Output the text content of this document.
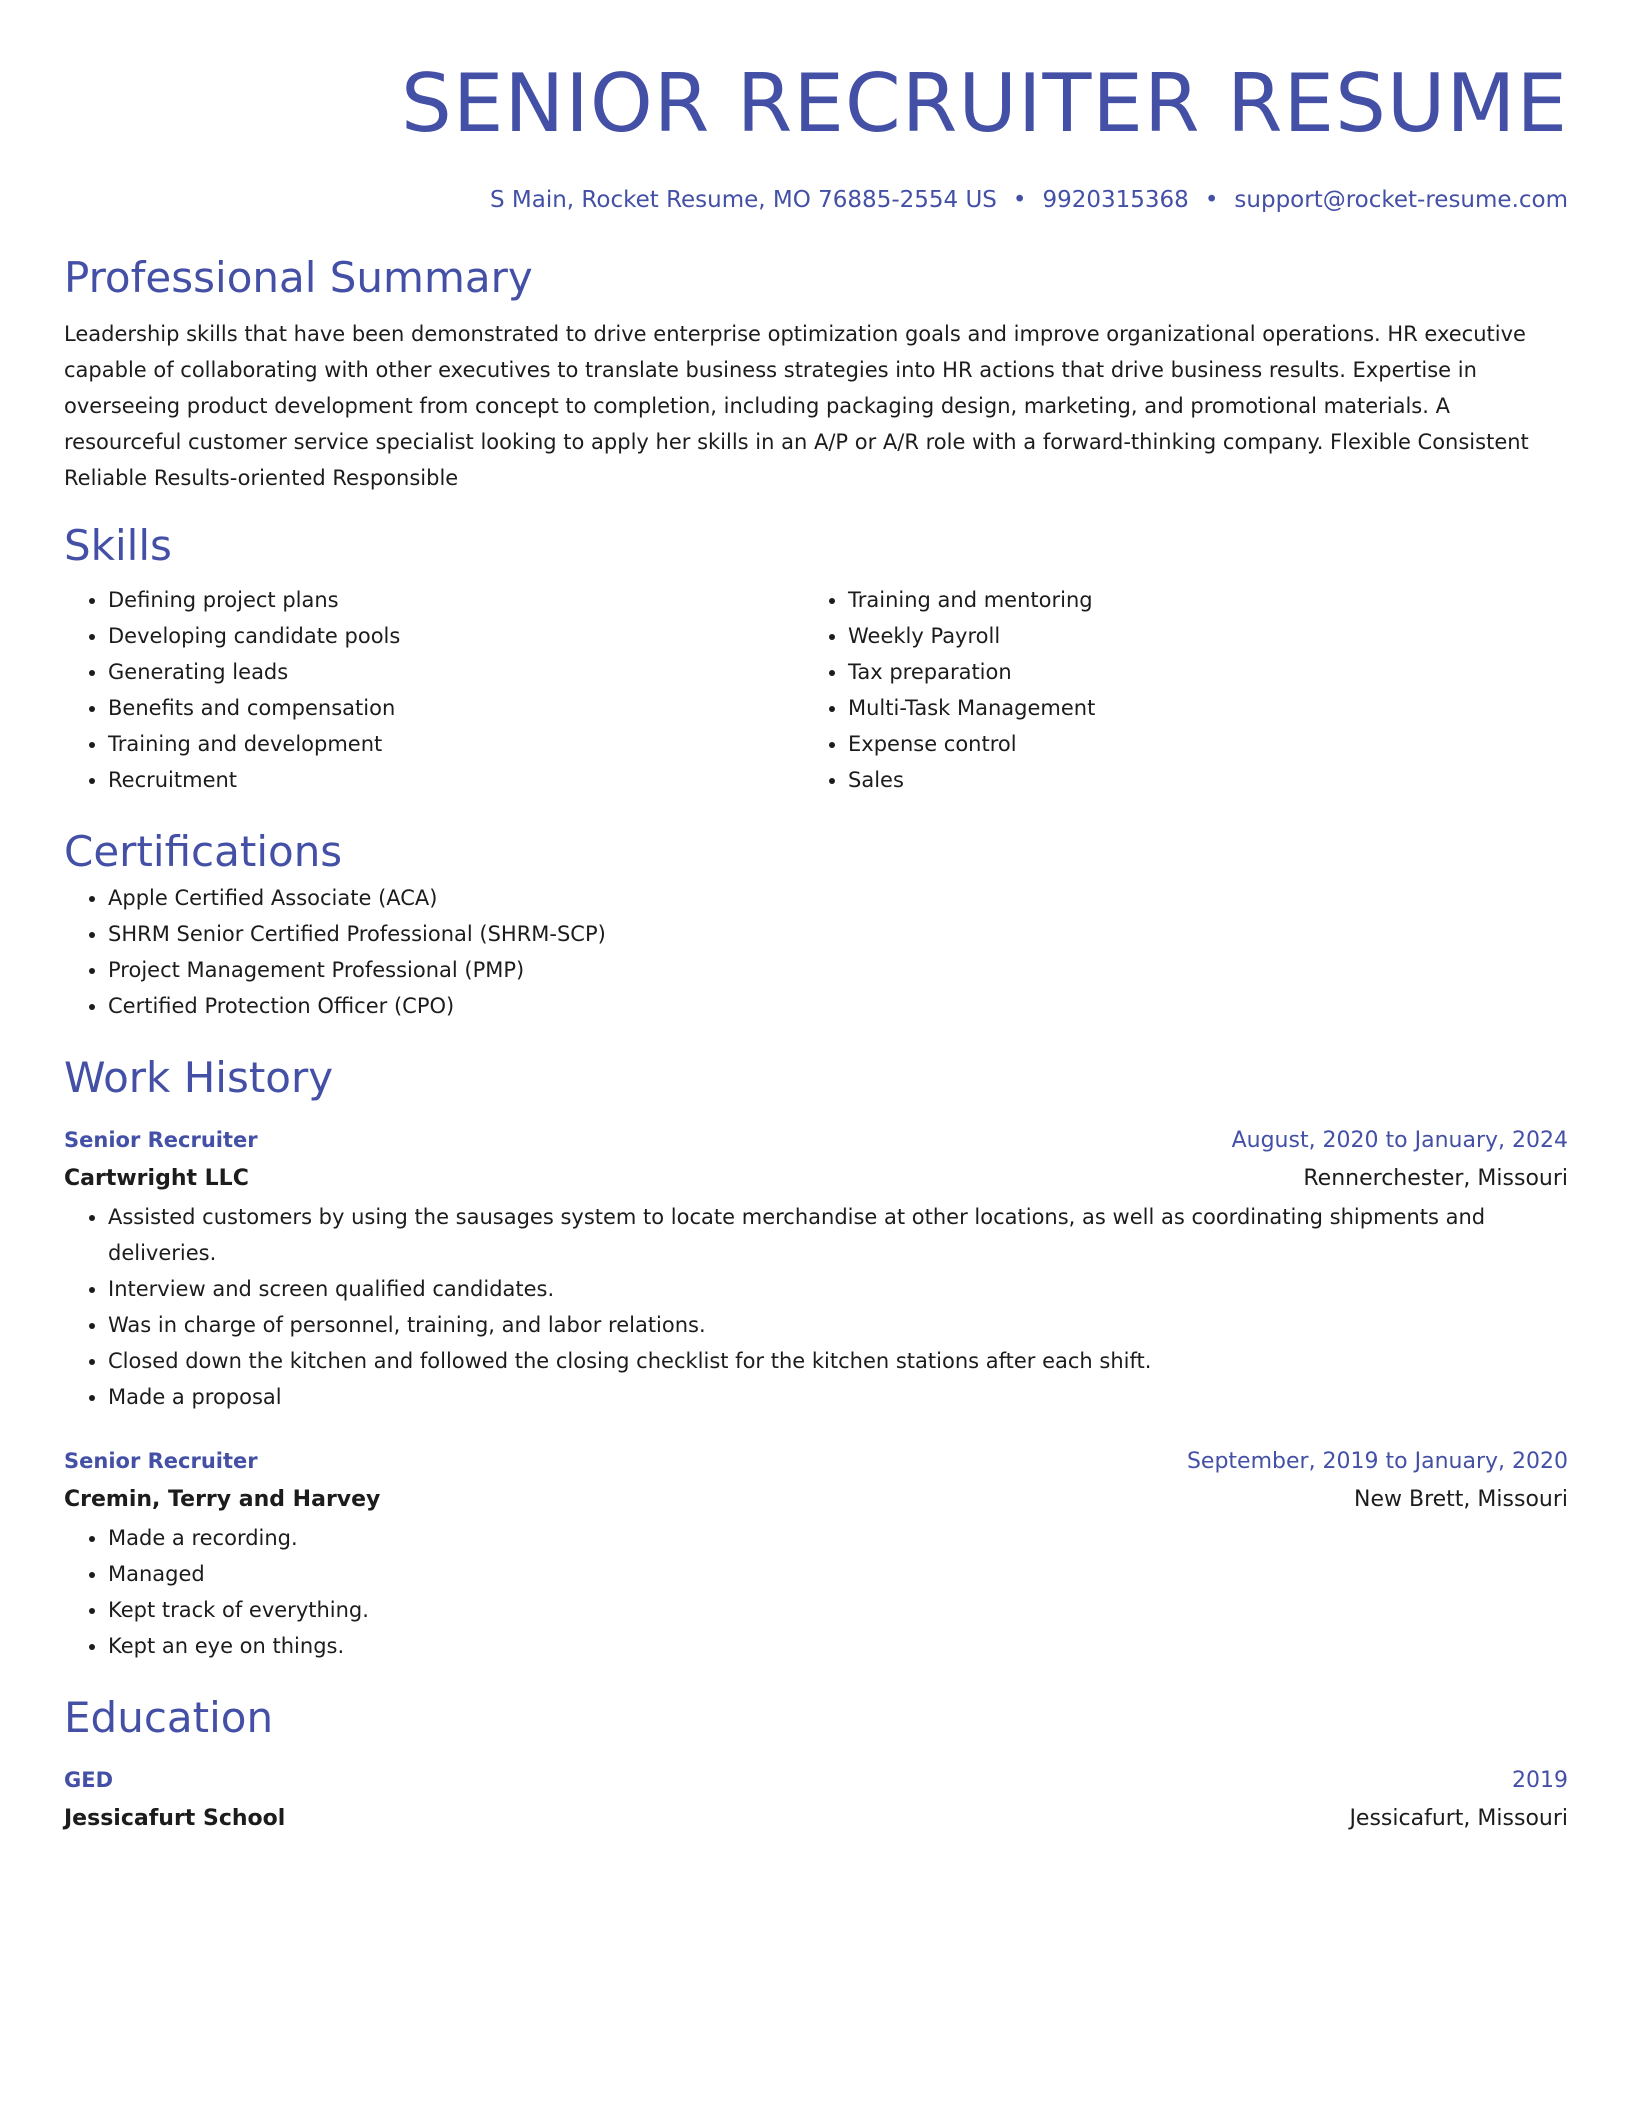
SENIOR RECRUITER RESUME
S Main, Rocket Resume, MO 76885-2554 US • 9920315368 • support@rocket-resume.com
Professional Summary

Leadership skills that have been demonstrated to drive enterprise optimization goals and improve organizational operations. HR executive capable of collaborating with other executives to translate business strategies into HR actions that drive business results. Expertise in overseeing product development from concept to completion, including packaging design, marketing, and promotional materials. A resourceful customer service specialist looking to apply her skills in an A/P or A/R role with a forward-thinking company. Flexible Consistent Reliable Results-oriented Responsible

Skills
• Defining project plans
• Developing candidate pools
• Generating leads
• Benefits and compensation
• Training and development
• Recruitment
• Training and mentoring
• Weekly Payroll
• Tax preparation
• Multi-Task Management
• Expense control
• Sales
Certifications
• Apple Certified Associate (ACA)
• SHRM Senior Certified Professional (SHRM-SCP)
• Project Management Professional (PMP)
• Certified Protection Officer (CPO)
Work History
Senior Recruiter	August, 2020 to January, 2024
Cartwright LLC	Rennerchester, Missouri
• Assisted customers by using the sausages system to locate merchandise at other locations, as well as coordinating shipments and deliveries.
• Interview and screen qualified candidates.
• Was in charge of personnel, training, and labor relations.
• Closed down the kitchen and followed the closing checklist for the kitchen stations after each shift.
• Made a proposal
Senior Recruiter	September, 2019 to January, 2020
Cremin, Terry and Harvey	New Brett, Missouri
• Made a recording.
• Managed
• Kept track of everything.
• Kept an eye on things.
Education
GED	2019
Jessicafurt School	Jessicafurt, Missouri
